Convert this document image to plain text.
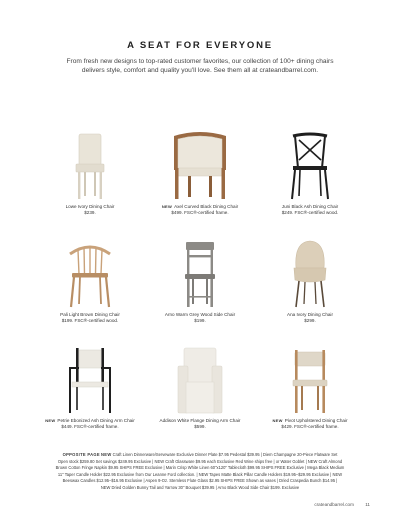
A SEAT FOR EVERYONE
From fresh new designs to top-rated customer favorites, our collection of 100+ dining chairs delivers style, comfort and quality you'll love. See them all at crateandbarrel.com.
Lowe Ivory Dining Chair
$239.
NEW Axel Curved Black Dining Chair
$499. FSC®-certified frame.
Juni Black Ash Dining Chair
$249. FSC®-certified wood.
Pali Light Brown Dining Chair
$199. FSC®-certified wood.
Arno Warm Grey Wood Side Chair
$199.
Ana Ivory Dining Chair
$299.
NEW Petrie Ebonized Ash Dining Arm Chair
$449. FSC®-certified frame.
Addison White Flange Dining Arm Chair
$599.
NEW Pivot Upholstered Dining Chair
$429. FSC®-certified frame.
OPPOSITE PAGE NEW Craft Linen Dinnerware/Serveware Exclusive Dinner Plate $7.95 Pedestal $39.95 | Diem Champagne 20-Piece Flatware Set
Open stock $259.80 Set savings $249.95 Exclusive | NEW Craft Glassware $9.95 each Exclusive Red Wine ships free | or Water Goblet | NEW Craft Almond
Brown Cotton Fringe Napkin $9.95 SHIPS FREE Exclusive | Marin Crisp White Linen 60"x120" Tablecloth $99.95 SHIPS FREE Exclusive | Mega Black Medium
11" Taper Candle Holder $22.95 Exclusive from Our Leanne Ford collection. | NEW Tapes Matte Black Pillar Candle Holders $19.95–$29.95 Exclusive | NEW
Beeswax Candles $12.95–$16.95 Exclusive | Aspen 9-Oz. Stemless Flute Glass $2.95 SHIPS FREE Shown as vases | Dried Craspedia Bunch $14.95 |
NEW Dried Golden Bunny Tail and Yarrow 30" Bouquet $39.95 | Arno Black Wood Side Chair $199. Exclusive
crateandbarrel.com 11
